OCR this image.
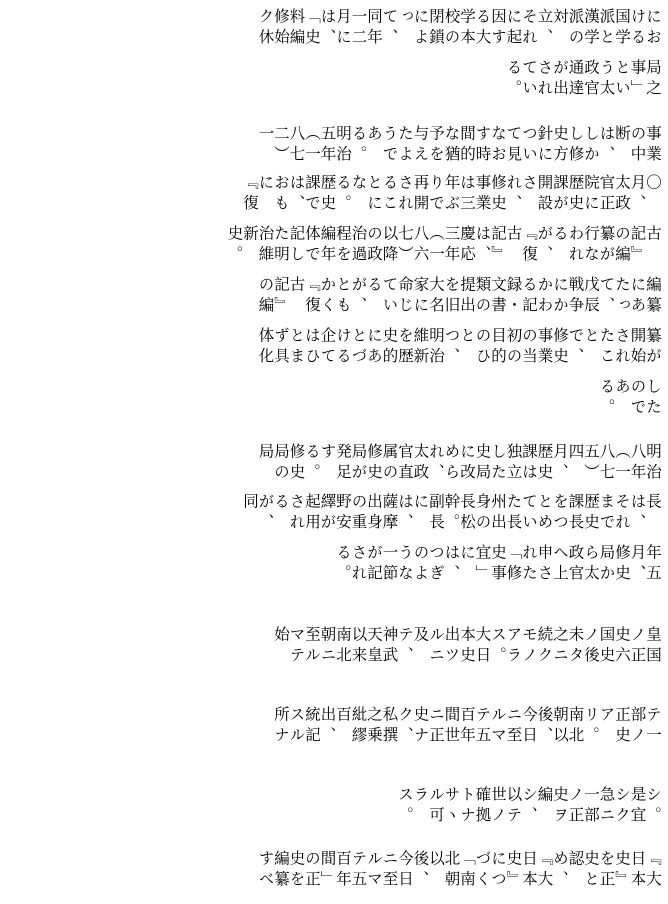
における国学派と漢学派の対立、それに起因する大学本校の閉鎖によって、同年一二月には、「史料編修始ク休
局之事」という太政官通達が出されている。
事業の中断は、しかし修史方針について見なおす時間的な猶予を与えたようである。明治五年（一八七二）一
〇月、太政官正院に歴史課が開設され、修史事業は三年ぶりで再開されることになる。歴史課では、おもに『復
古記』の編纂が行なわれるが、『復古記』は、慶応三年（一八六七）以降の政治過程を編年体で記した明治維新史。
編纂にあたって、戊辰戦争にかかわる記録・文書類の提出を旧大名家に命じているが、ともかく『復古記』の編
纂が開始されたことで、修史事業の当初の目的のひとつ、明治維新を歴史的にあとづける企てはひとまず具体化
したのである。
明治八年（一八七五）四月、歴史課は独立した史局に改められ、太政官直属の修史局が発足する。修史局の局
長は、それまで歴史課長をつとめていた長州出身の長松幹。副長には、薩摩出身の重野安繹が起用されるが、同
年五月、修史局から太政官へ上申された「修史事宜」には、つぎのような一節が記される。
皇国ノ正史六国史ノ後未タ之ニ続クモノアラス。大日本史出ツルニ及テ、神武天皇以来南北朝ニ至ルマテ始
テ一部ノ正史アリ。南北朝以後、今日ニ至ルマテ五百年間世ニ正史ナク、私撰之乗紕繆百出、統記スル所ナ
シ。是宜シク急ニ一部ノ正史ヲ編シ、以テ世ノ確拠トナサヽル可ラス。
『大日本史』を正史と認め、『大日本史』につづく「南北朝以後、今日ニ至ルマテ五百年間」の正史を編纂すべ
